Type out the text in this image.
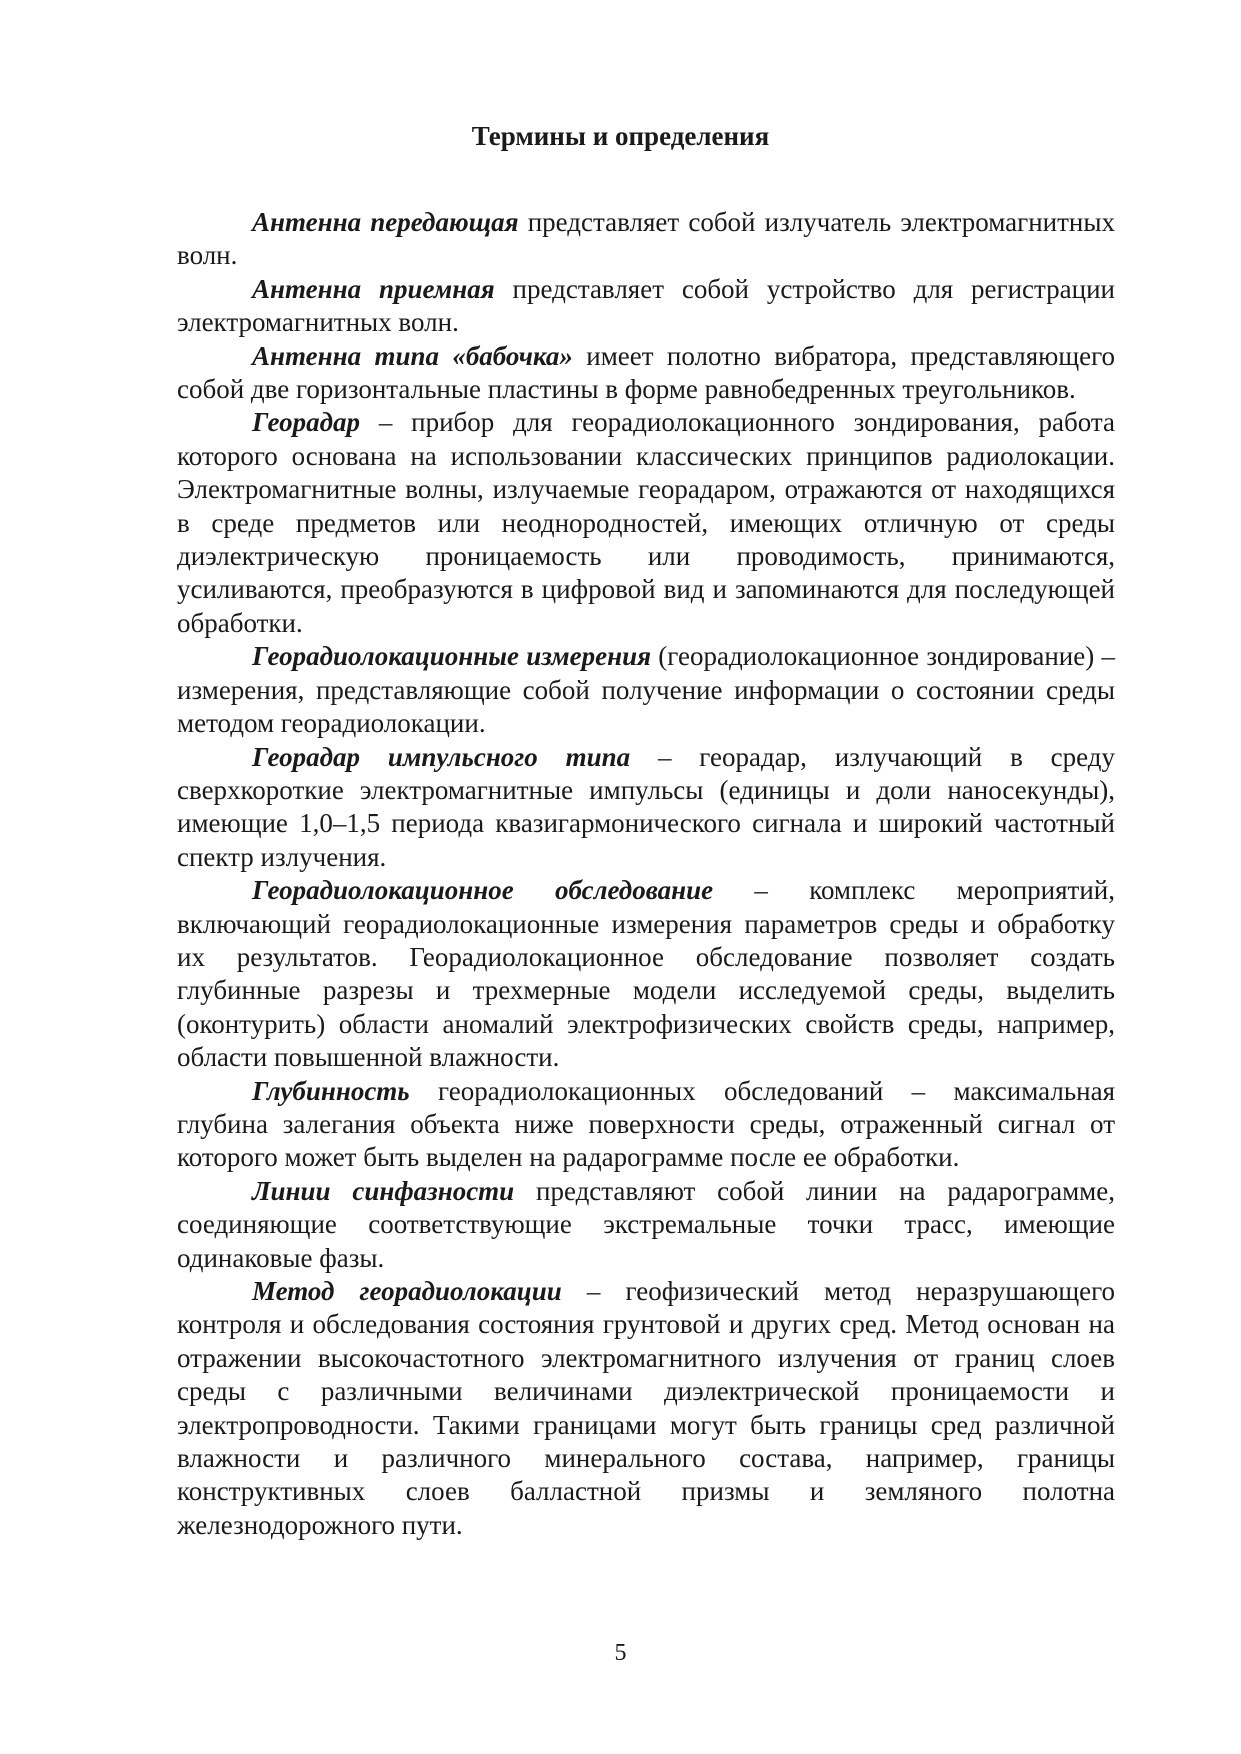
Термины и определения

Антенна передающая представляет собой излучатель электромагнитных волн.

Антенна приемная представляет собой устройство для регистрации электромагнитных волн.

Антенна типа «бабочка» имеет полотно вибратора, представляющего собой две горизонтальные пластины в форме равнобедренных треугольников.

Георадар – прибор для георадиолокационного зондирования, работа которого основана на использовании классических принципов радиолокации. Электромагнитные волны, излучаемые георадаром, отражаются от находящихся в среде предметов или неоднородностей, имеющих отличную от среды диэлектрическую проницаемость или проводимость, принимаются, усиливаются, преобразуются в цифровой вид и запоминаются для последующей обработки.

Георадиолокационные измерения (георадиолокационное зондирование) – измерения, представляющие собой получение информации о состоянии среды методом георадиолокации.

Георадар импульсного типа – георадар, излучающий в среду сверхкороткие электромагнитные импульсы (единицы и доли наносекунды), имеющие 1,0–1,5 периода квазигармонического сигнала и широкий частотный спектр излучения.

Георадиолокационное обследование – комплекс мероприятий, включающий георадиолокационные измерения параметров среды и обработку их результатов. Георадиолокационное обследование позволяет создать глубинные разрезы и трехмерные модели исследуемой среды, выделить (оконтурить) области аномалий электрофизических свойств среды, например, области повышенной влажности.

Глубинность георадиолокационных обследований – максимальная глубина залегания объекта ниже поверхности среды, отраженный сигнал от которого может быть выделен на радарограмме после ее обработки.

Линии синфазности представляют собой линии на радарограмме, соединяющие соответствующие экстремальные точки трасс, имеющие одинаковые фазы.

Метод георадиолокации – геофизический метод неразрушающего контроля и обследования состояния грунтовой и других сред. Метод основан на отражении высокочастотного электромагнитного излучения от границ слоев среды с различными величинами диэлектрической проницаемости и электропроводности. Такими границами могут быть границы сред различной влажности и различного минерального состава, например, границы конструктивных слоев балластной призмы и земляного полотна железнодорожного пути.

5
